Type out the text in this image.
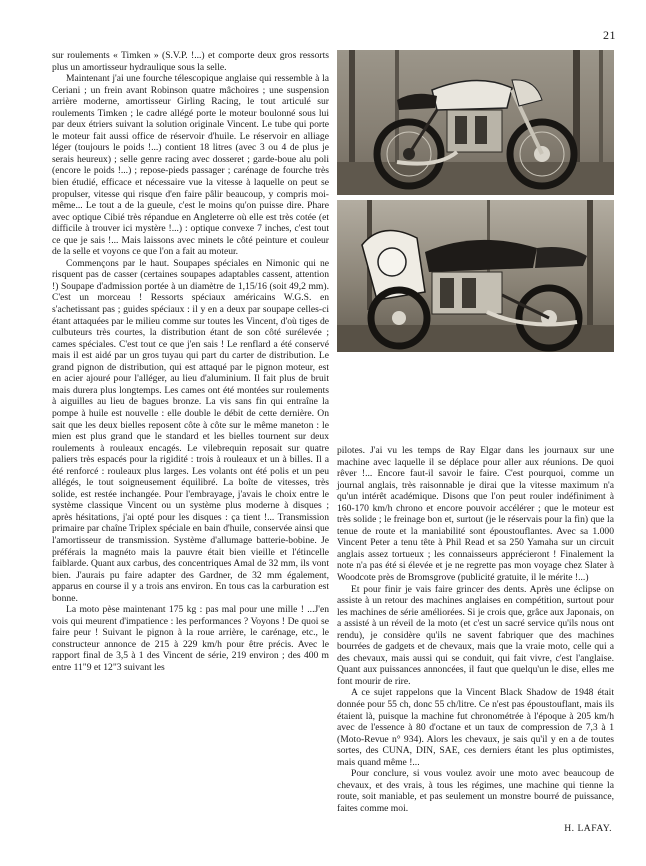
21

sur roulements « Timken » (S.V.P. !...) et comporte deux gros ressorts plus un amortisseur hydraulique sous la selle.

Maintenant j'ai une fourche télescopique anglaise qui ressemble à la Ceriani ; un frein avant Robinson quatre mâchoires ; une suspension arrière moderne, amortisseur Girling Racing, le tout articulé sur roulements Timken ; le cadre allégé porte le moteur boulonné sous lui par deux étriers suivant la solution originale Vincent. Le tube qui porte le moteur fait aussi office de réservoir d'huile. Le réservoir en alliage léger (toujours le poids !...) contient 18 litres (avec 3 ou 4 de plus je serais heureux) ; selle genre racing avec dosseret ; garde-boue alu poli (encore le poids !...) ; repose-pieds passager ; carénage de fourche très bien étudié, efficace et nécessaire vue la vitesse à laquelle on peut se propulser, vitesse qui risque d'en faire pâlir beaucoup, y compris moi-même... Le tout a de la gueule, c'est le moins qu'on puisse dire. Phare avec optique Cibié très répandue en Angleterre où elle est très cotée (et difficile à trouver ici mystère !...) : optique convexe 7 inches, c'est tout ce que je sais !... Mais laissons avec minets le côté peinture et couleur de la selle et voyons ce que l'on a fait au moteur.

Commençons par le haut. Soupapes spéciales en Nimonic qui ne risquent pas de casser (certaines soupapes adaptables cassent, attention !) Soupape d'admission portée à un diamètre de 1,15/16 (soit 49,2 mm). C'est un morceau ! Ressorts spéciaux américains W.G.S. en s'achetissant pas ; guides spéciaux : il y en a deux par soupape celles-ci étant attaquées par le milieu comme sur toutes les Vincent, d'où tiges de culbuteurs très courtes, la distribution étant de son côté surélevée ; cames spéciales. C'est tout ce que j'en sais ! Le renflard a été conservé mais il est aidé par un gros tuyau qui part du carter de distribution. Le grand pignon de distribution, qui est attaqué par le pignon moteur, est en acier ajouré pour l'alléger, au lieu d'aluminium. Il fait plus de bruit mais durera plus longtemps. Les cames ont été montées sur roulements à aiguilles au lieu de bagues bronze. La vis sans fin qui entraîne la pompe à huile est nouvelle : elle double le débit de cette dernière. On sait que les deux bielles reposent côte à côte sur le même maneton : le mien est plus grand que le standard et les bielles tournent sur deux roulements à rouleaux encagés. Le vilebrequin reposait sur quatre paliers très espacés pour la rigidité : trois à rouleaux et un à billes. Il a été renforcé : rouleaux plus larges. Les volants ont été polis et un peu allégés, le tout soigneusement équilibré. La boîte de vitesses, très solide, est restée inchangée. Pour l'embrayage, j'avais le choix entre le système classique Vincent ou un système plus moderne à disques ; après hésitations, j'ai opté pour les disques : ça tient !... Transmission primaire par chaîne Triplex spéciale en bain d'huile, conservée ainsi que l'amortisseur de transmission. Système d'allumage batterie-bobine. Je préférais la magnéto mais la pauvre était bien vieille et l'étincelle faiblarde. Quant aux carbus, des concentriques Amal de 32 mm, ils vont bien. J'aurais pu faire adapter des Gardner, de 32 mm également, apparus en course il y a trois ans environ. En tous cas la carburation est bonne.

La moto pèse maintenant 175 kg : pas mal pour une mille ! ...J'en vois qui meurent d'impatience : les performances ? Voyons ! De quoi se faire peur ! Suivant le pignon à la roue arrière, le carénage, etc., le constructeur annonce de 215 à 229 km/h pour être précis. Avec le rapport final de 3,5 à 1 des Vincent de série, 219 environ ; des 400 m entre 11"9 et 12"3 suivant les

pilotes. J'ai vu les temps de Ray Elgar dans les journaux sur une machine avec laquelle il se déplace pour aller aux réunions. De quoi rêver !... Encore faut-il savoir le faire. C'est pourquoi, comme un journal anglais, très raisonnable je dirai que la vitesse maximum n'a qu'un intérêt académique. Disons que l'on peut rouler indéfiniment à 160-170 km/h chrono et encore pouvoir accélérer ; que le moteur est très solide ; le freinage bon et, surtout (je le réservais pour la fin) que la tenue de route et la maniabilité sont époustouflantes. Avec sa 1.000 Vincent Peter a tenu tête à Phil Read et sa 250 Yamaha sur un circuit anglais assez tortueux ; les connaisseurs apprécieront ! Finalement la note n'a pas été si élevée et je ne regrette pas mon voyage chez Slater à Woodcote près de Bromsgrove (publicité gratuite, il le mérite !...)

Et pour finir je vais faire grincer des dents. Après une éclipse on assiste à un retour des machines anglaises en compétition, surtout pour les machines de série améliorées. Si je crois que, grâce aux Japonais, on a assisté à un réveil de la moto (et c'est un sacré service qu'ils nous ont rendu), je considère qu'ils ne savent fabriquer que des machines bourrées de gadgets et de chevaux, mais que la vraie moto, celle qui a des chevaux, mais aussi qui se conduit, qui fait vivre, c'est l'anglaise. Quant aux puissances annoncées, il faut que quelqu'un le dise, elles me font mourir de rire.

A ce sujet rappelons que la Vincent Black Shadow de 1948 était donnée pour 55 ch, donc 55 ch/litre. Ce n'est pas époustouflant, mais ils étaient là, puisque la machine fut chronométrée à l'époque à 205 km/h avec de l'essence à 80 d'octane et un taux de compression de 7,3 à 1 (Moto-Revue n° 934). Alors les chevaux, je sais qu'il y en a de toutes sortes, des CUNA, DIN, SAE, ces derniers étant les plus optimistes, mais quand même !...

Pour conclure, si vous voulez avoir une moto avec beaucoup de chevaux, et des vrais, à tous les régimes, une machine qui tienne la route, soit maniable, et pas seulement un monstre bourré de puissance, faites comme moi.

H. LAFAY.
